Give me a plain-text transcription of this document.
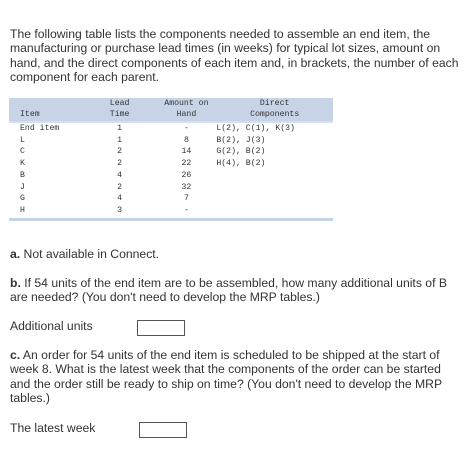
The following table lists the components needed to assemble an end item, the manufacturing or purchase lead times (in weeks) for typical lot sizes, amount on hand, and the direct components of each item and, in brackets, the number of each component for each parent.

	Lead	Amount on	Direct
Item	Time	Hand	Components
End item	1	-	L(2), C(1), K(3)
L	1	8	B(2), J(3)
C	2	14	G(2), B(2)
K	2	22	H(4), B(2)
B	4	26	
J	2	32	
G	4	7	
H	3	-	

a. Not available in Connect.

b. If 54 units of the end item are to be assembled, how many additional units of B are needed? (You don't need to develop the MRP tables.)

Additional units

c. An order for 54 units of the end item is scheduled to be shipped at the start of week 8. What is the latest week that the components of the order can be started and the order still be ready to ship on time? (You don't need to develop the MRP tables.)

The latest week
